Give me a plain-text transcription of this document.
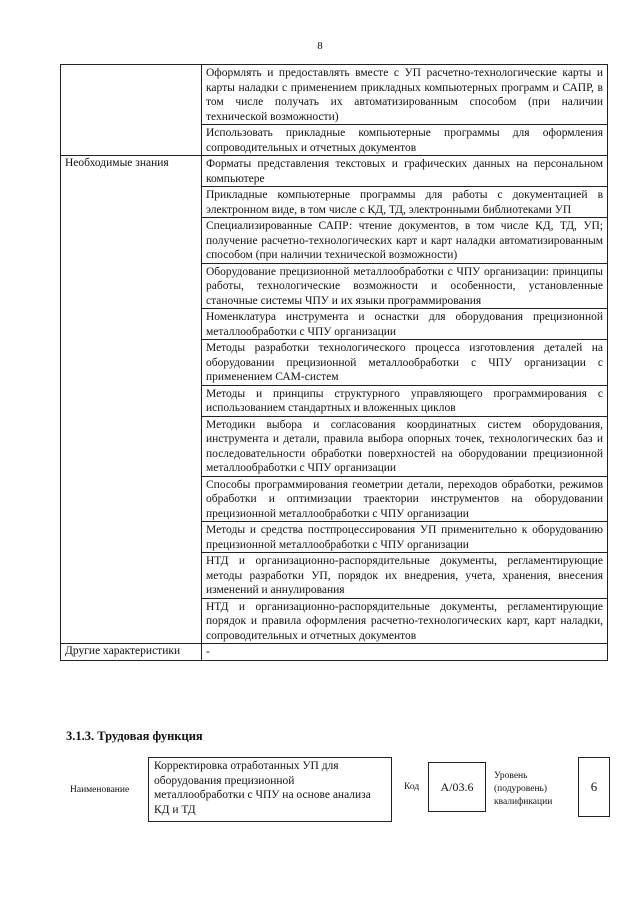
8
	Оформлять и предоставлять вместе с УП расчетно-технологические карты и карты наладки с применением прикладных компьютерных программ и САПР, в том числе получать их автоматизированным способом (при наличии технической возможности)
	Использовать прикладные компьютерные программы для оформления сопроводительных и отчетных документов
Необходимые знания	Форматы представления текстовых и графических данных на персональном компьютере
	Прикладные компьютерные программы для работы с документацией в электронном виде, в том числе с КД, ТД, электронными библиотеками УП
	Специализированные САПР: чтение документов, в том числе КД, ТД, УП; получение расчетно-технологических карт и карт наладки автоматизированным способом (при наличии технической возможности)
	Оборудование прецизионной металлообработки с ЧПУ организации: принципы работы, технологические возможности и особенности, установленные станочные системы ЧПУ и их языки программирования
	Номенклатура инструмента и оснастки для оборудования прецизионной металлообработки с ЧПУ организации
	Методы разработки технологического процесса изготовления деталей на оборудовании прецизионной металлообработки с ЧПУ организации с применением САМ-систем
	Методы и принципы структурного управляющего программирования с использованием стандартных и вложенных циклов
	Методики выбора и согласования координатных систем оборудования, инструмента и детали, правила выбора опорных точек, технологических баз и последовательности обработки поверхностей на оборудовании прецизионной металлообработки с ЧПУ организации
	Способы программирования геометрии детали, переходов обработки, режимов обработки и оптимизации траектории инструментов на оборудовании прецизионной металлообработки с ЧПУ организации
	Методы и средства постпроцессирования УП применительно к оборудованию прецизионной металлообработки с ЧПУ организации
	НТД и организационно-распорядительные документы, регламентирующие методы разработки УП, порядок их внедрения, учета, хранения, внесения изменений и аннулирования
	НТД и организационно-распорядительные документы, регламентирующие порядок и правила оформления расчетно-технологических карт, карт наладки, сопроводительных и отчетных документов
Другие характеристики	-
3.1.3. Трудовая функция
Наименование
Корректировка отработанных УП для оборудования прецизионной металлообработки с ЧПУ на основе анализа КД и ТД
Код	А/03.6
Уровень
(подуровень)
квалификации
6
